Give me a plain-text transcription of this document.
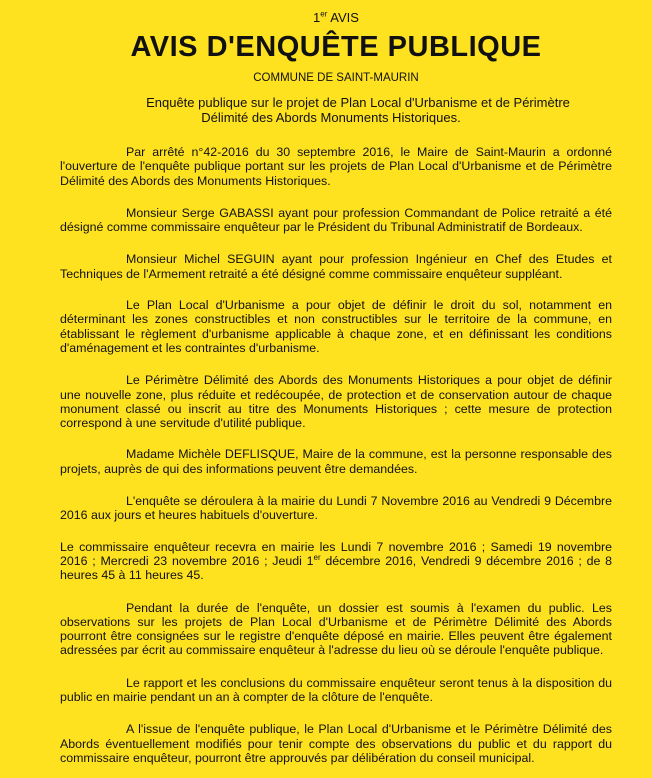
1er AVIS

AVIS D'ENQUÊTE PUBLIQUE

COMMUNE DE SAINT-MAURIN

Enquête publique sur le projet de Plan Local d'Urbanisme et de Périmètre
Délimité des Abords Monuments Historiques.

Par arrêté n°42-2016 du 30 septembre 2016, le Maire de Saint-Maurin a ordonné l'ouverture de l'enquête publique portant sur les projets de Plan Local d'Urbanisme et de Périmètre Délimité des Abords des Monuments Historiques.

Monsieur Serge GABASSI ayant pour profession Commandant de Police retraité a été désigné comme commissaire enquêteur par le Président du Tribunal Administratif de Bordeaux.

Monsieur Michel SEGUIN ayant pour profession Ingénieur en Chef des Etudes et Techniques de l'Armement retraité a été désigné comme commissaire enquêteur suppléant.

Le Plan Local d'Urbanisme a pour objet de définir le droit du sol, notamment en déterminant les zones constructibles et non constructibles sur le territoire de la commune, en établissant le règlement d'urbanisme applicable à chaque zone, et en définissant les conditions d'aménagement et les contraintes d'urbanisme.

Le Périmètre Délimité des Abords des Monuments Historiques a pour objet de définir une nouvelle zone, plus réduite et redécoupée, de protection et de conservation autour de chaque monument classé ou inscrit au titre des Monuments Historiques ; cette mesure de protection correspond à une servitude d'utilité publique.

Madame Michèle DEFLISQUE, Maire de la commune, est la personne responsable des projets, auprès de qui des informations peuvent être demandées.

L'enquête se déroulera à la mairie du Lundi 7 Novembre 2016 au Vendredi 9 Décembre 2016 aux jours et heures habituels d'ouverture.

Le commissaire enquêteur recevra en mairie les Lundi 7 novembre 2016 ; Samedi 19 novembre 2016 ; Mercredi 23 novembre 2016 ; Jeudi 1er décembre 2016, Vendredi 9 décembre 2016 ; de 8 heures 45 à 11 heures 45.

Pendant la durée de l'enquête, un dossier est soumis à l'examen du public. Les observations sur les projets de Plan Local d'Urbanisme et de Périmètre Délimité des Abords pourront être consignées sur le registre d'enquête déposé en mairie. Elles peuvent être également adressées par écrit au commissaire enquêteur à l'adresse du lieu où se déroule l'enquête publique.

Le rapport et les conclusions du commissaire enquêteur seront tenus à la disposition du public en mairie pendant un an à compter de la clôture de l'enquête.

A l'issue de l'enquête publique, le Plan Local d'Urbanisme et le Périmètre Délimité des Abords éventuellement modifiés pour tenir compte des observations du public et du rapport du commissaire enquêteur, pourront être approuvés par délibération du conseil municipal.
